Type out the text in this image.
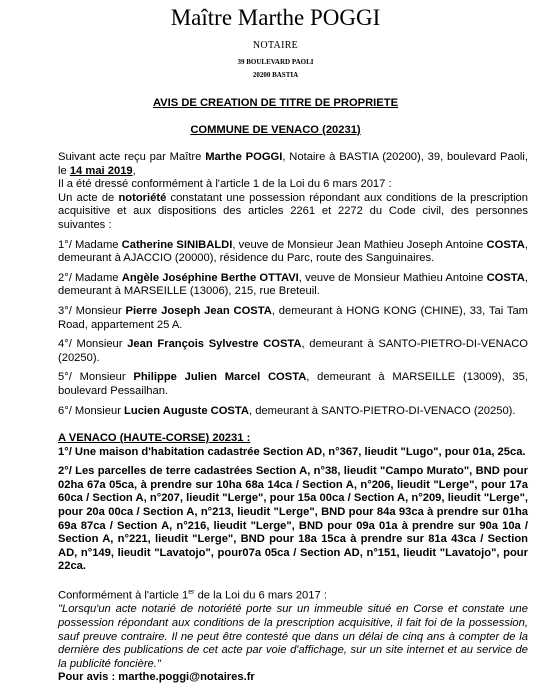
Maître Marthe POGGI
NOTAIRE
39 BOULEVARD PAOLI
20200 BASTIA
AVIS DE CREATION DE TITRE DE PROPRIETE
COMMUNE DE VENACO (20231)

Suivant acte reçu par Maître Marthe POGGI, Notaire à BASTIA (20200), 39, boulevard Paoli, le 14 mai 2019,

Il a été dressé conformément à l'article 1 de la Loi du 6 mars 2017 :

Un acte de notoriété constatant une possession répondant aux conditions de la prescription acquisitive et aux dispositions des articles 2261 et 2272 du Code civil, des personnes suivantes :

1°/ Madame Catherine SINIBALDI, veuve de Monsieur Jean Mathieu Joseph Antoine COSTA, demeurant à AJACCIO (20000), résidence du Parc, route des Sanguinaires.

2°/ Madame Angèle Joséphine Berthe OTTAVI, veuve de Monsieur Mathieu Antoine COSTA, demeurant à MARSEILLE (13006), 215, rue Breteuil.

3°/ Monsieur Pierre Joseph Jean COSTA, demeurant à HONG KONG (CHINE), 33, Tai Tam Road, appartement 25 A.

4°/ Monsieur Jean François Sylvestre COSTA, demeurant à SANTO-PIETRO-DI-VENACO (20250).

5°/ Monsieur Philippe Julien Marcel COSTA, demeurant à MARSEILLE (13009), 35, boulevard Pessailhan.

6°/ Monsieur Lucien Auguste COSTA, demeurant à SANTO-PIETRO-DI-VENACO (20250).

A VENACO (HAUTE-CORSE) 20231 :

1°/ Une maison d'habitation cadastrée Section AD, n°367, lieudit "Lugo", pour 01a, 25ca.

2°/ Les parcelles de terre cadastrées Section A, n°38, lieudit "Campo Murato", BND pour 02ha 67a 05ca, à prendre sur 10ha 68a 14ca / Section A, n°206, lieudit "Lerge", pour 17a 60ca / Section A, n°207, lieudit "Lerge", pour 15a 00ca / Section A, n°209, lieudit "Lerge", pour 20a 00ca / Section A, n°213, lieudit "Lerge", BND pour 84a 93ca à prendre sur 01ha 69a 87ca / Section A, n°216, lieudit "Lerge", BND pour 09a 01a à prendre sur 90a 10a / Section A, n°221, lieudit "Lerge", BND pour 18a 15ca à prendre sur 81a 43ca / Section AD, n°149, lieudit "Lavatojo", pour07a 05ca / Section AD, n°151, lieudit "Lavatojo", pour 22ca.

Conformément à l'article 1er de la Loi du 6 mars 2017 :

"Lorsqu'un acte notarié de notoriété porte sur un immeuble situé en Corse et constate une possession répondant aux conditions de la prescription acquisitive, il fait foi de la possession, sauf preuve contraire. Il ne peut être contesté que dans un délai de cinq ans à compter de la dernière des publications de cet acte par voie d'affichage, sur un site internet et au service de la publicité foncière."

Pour avis : marthe.poggi@notaires.fr
